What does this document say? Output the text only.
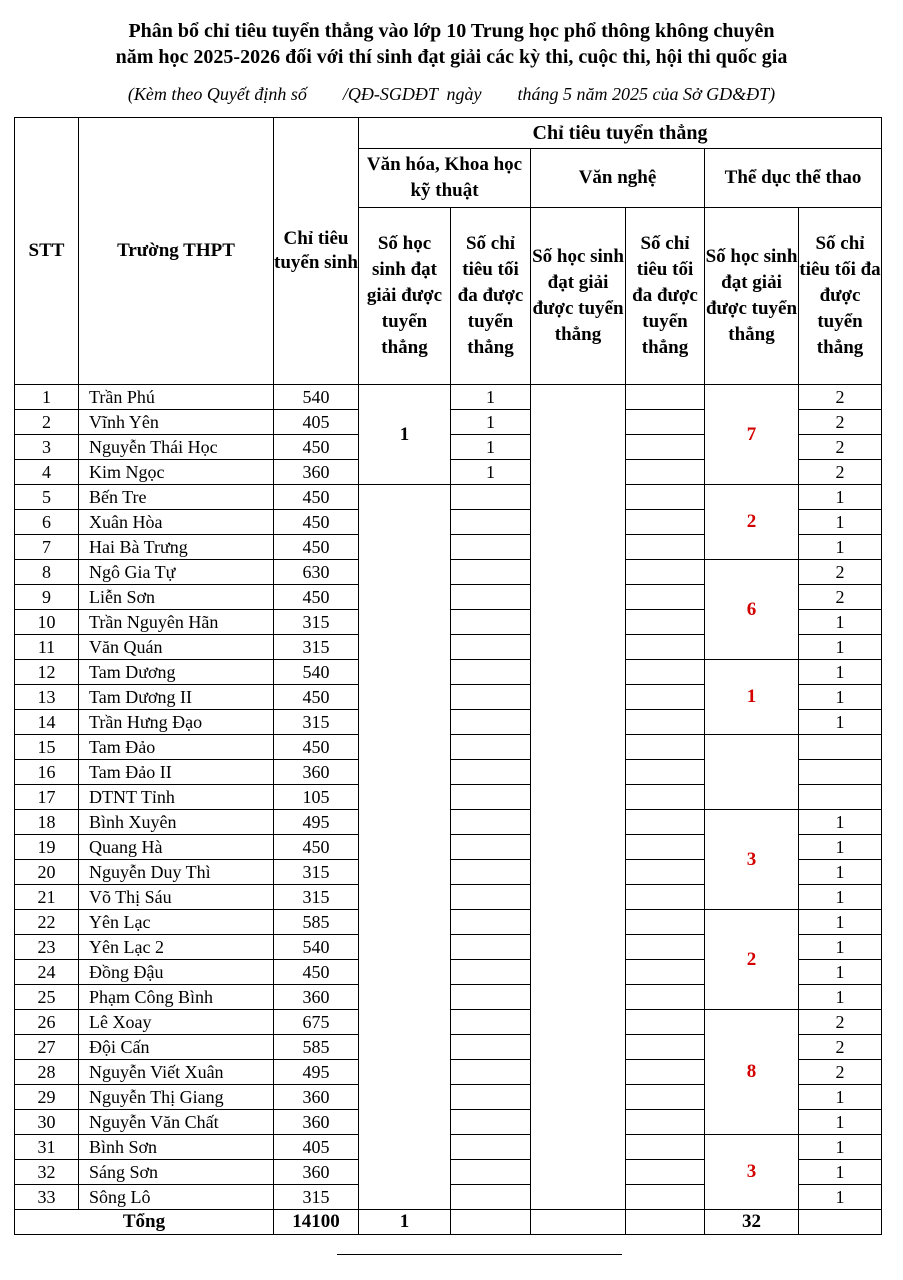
Phân bổ chỉ tiêu tuyển thẳng vào lớp 10 Trung học phổ thông không chuyên
năm học 2025-2026 đối với thí sinh đạt giải các kỳ thi, cuộc thi, hội thi quốc gia
(Kèm theo Quyết định số        /QĐ-SGDĐT  ngày        tháng 5 năm 2025 của Sở GD&ĐT)
STT	Trường THPT	Chỉ tiêu tuyển sinh	Chỉ tiêu tuyển thẳng					
			Văn hóa, Khoa học kỹ thuật		Văn nghệ		Thể dục thể thao	
			Số học sinh đạt giải được tuyển thẳng	Số chỉ tiêu tối đa được tuyển thẳng	Số học sinh đạt giải được tuyển thẳng	Số chỉ tiêu tối đa được tuyển thẳng	Số học sinh đạt giải được tuyển thẳng	Số chỉ tiêu tối đa được tuyển thẳng
1	Trần Phú	540	1	1			7	2
2	Vĩnh Yên	405		1				2
3	Nguyễn Thái Học	450		1				2
4	Kim Ngọc	360		1				2
5	Bến Tre	450					2	1
6	Xuân Hòa	450						1
7	Hai Bà Trưng	450						1
8	Ngô Gia Tự	630					6	2
9	Liễn Sơn	450						2
10	Trần Nguyên Hãn	315						1
11	Văn Quán	315						1
12	Tam Dương	540					1	1
13	Tam Dương II	450						1
14	Trần Hưng Đạo	315						1
15	Tam Đảo	450						
16	Tam Đảo II	360						
17	DTNT Tỉnh	105						
18	Bình Xuyên	495					3	1
19	Quang Hà	450						1
20	Nguyễn Duy Thì	315						1
21	Võ Thị Sáu	315						1
22	Yên Lạc	585					2	1
23	Yên Lạc 2	540						1
24	Đồng Đậu	450						1
25	Phạm Công Bình	360						1
26	Lê Xoay	675					8	2
27	Đội Cấn	585						2
28	Nguyễn Viết Xuân	495						2
29	Nguyễn Thị Giang	360						1
30	Nguyễn Văn Chất	360						1
31	Bình Sơn	405					3	1
32	Sáng Sơn	360						1
33	Sông Lô	315						1
Tổng		14100	1				32	
